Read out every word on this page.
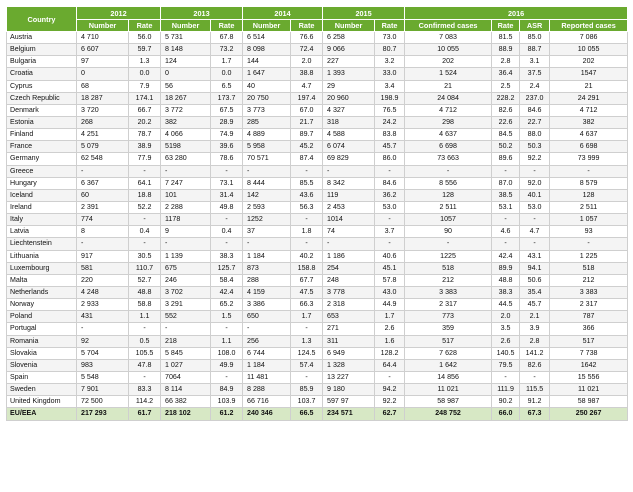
Country	2012		2013		2014		2015		2016			
	Number	Rate	Number	Rate	Number	Rate	Number	Rate	Confirmed cases	Rate	ASR	Reported cases
Austria	4 710	56.0	5 731	67.8	6 514	76.6	6 258	73.0	7 083	81.5	85.0	7 086
Belgium	6 607	59.7	8 148	73.2	8 098	72.4	9 066	80.7	10 055	88.9	88.7	10 055
Bulgaria	97	1.3	124	1.7	144	2.0	227	3.2	202	2.8	3.1	202
Croatia	0	0.0	0	0.0	1 647	38.8	1 393	33.0	1 524	36.4	37.5	1547
Cyprus	68	7.9	56	6.5	40	4.7	29	3.4	21	2.5	2.4	21
Czech Republic	18 287	174.1	18 267	173.7	20 750	197.4	20 960	198.9	24 084	228.2	237.0	24 291
Denmark	3 720	66.7	3 772	67.5	3 773	67.0	4 327	76.5	4 712	82.6	84.6	4 712
Estonia	268	20.2	382	28.9	285	21.7	318	24.2	298	22.6	22.7	382
Finland	4 251	78.7	4 066	74.9	4 889	89.7	4 588	83.8	4 637	84.5	88.0	4 637
France	5 079	38.9	5198	39.6	5 958	45.2	6 074	45.7	6 698	50.2	50.3	6 698
Germany	62 548	77.9	63 280	78.6	70 571	87.4	69 829	86.0	73 663	89.6	92.2	73 999
Greece	-	-	-	-	-	-	-	-	-	-	-	-
Hungary	6 367	64.1	7 247	73.1	8 444	85.5	8 342	84.6	8 556	87.0	92.0	8 579
Iceland	60	18.8	101	31.4	142	43.6	119	36.2	128	38.5	40.1	128
Ireland	2 391	52.2	2 288	49.8	2 593	56.3	2 453	53.0	2 511	53.1	53.0	2 511
Italy	774	-	1178	-	1252	-	1014	-	1057	-	-	1 057
Latvia	8	0.4	9	0.4	37	1.8	74	3.7	90	4.6	4.7	93
Liechtenstein	-	-	-	-	-	-	-	-	-	-	-	-
Lithuania	917	30.5	1 139	38.3	1 184	40.2	1 186	40.6	1225	42.4	43.1	1 225
Luxembourg	581	110.7	675	125.7	873	158.8	254	45.1	518	89.9	94.1	518
Malta	220	52.7	246	58.4	288	67.7	248	57.8	212	48.8	50.6	212
Netherlands	4 248	48.8	3 702	42.4	4 159	47.5	3 778	43.0	3 383	38.3	35.4	3 383
Norway	2 933	58.8	3 291	65.2	3 386	66.3	2 318	44.9	2 317	44.5	45.7	2 317
Poland	431	1.1	552	1.5	650	1.7	653	1.7	773	2.0	2.1	787
Portugal	-	-	-	-	-	-	271	2.6	359	3.5	3.9	366
Romania	92	0.5	218	1.1	256	1.3	311	1.6	517	2.6	2.8	517
Slovakia	5 704	105.5	5 845	108.0	6 744	124.5	6 949	128.2	7 628	140.5	141.2	7 738
Slovenia	983	47.8	1 027	49.9	1 184	57.4	1 328	64.4	1 642	79.5	82.6	1642
Spain	5 548	-	7064	-	11 481	-	13 227	-	14 856	-	-	15 556
Sweden	7 901	83.3	8 114	84.9	8 288	85.9	9 180	94.2	11 021	111.9	115.5	11 021
United Kingdom	72 500	114.2	66 382	103.9	66 716	103.7	597 97	92.2	58 987	90.2	91.2	58 987
EU/EEA	217 293	61.7	218 102	61.2	240 346	66.5	234 571	62.7	248 752	66.0	67.3	250 267
